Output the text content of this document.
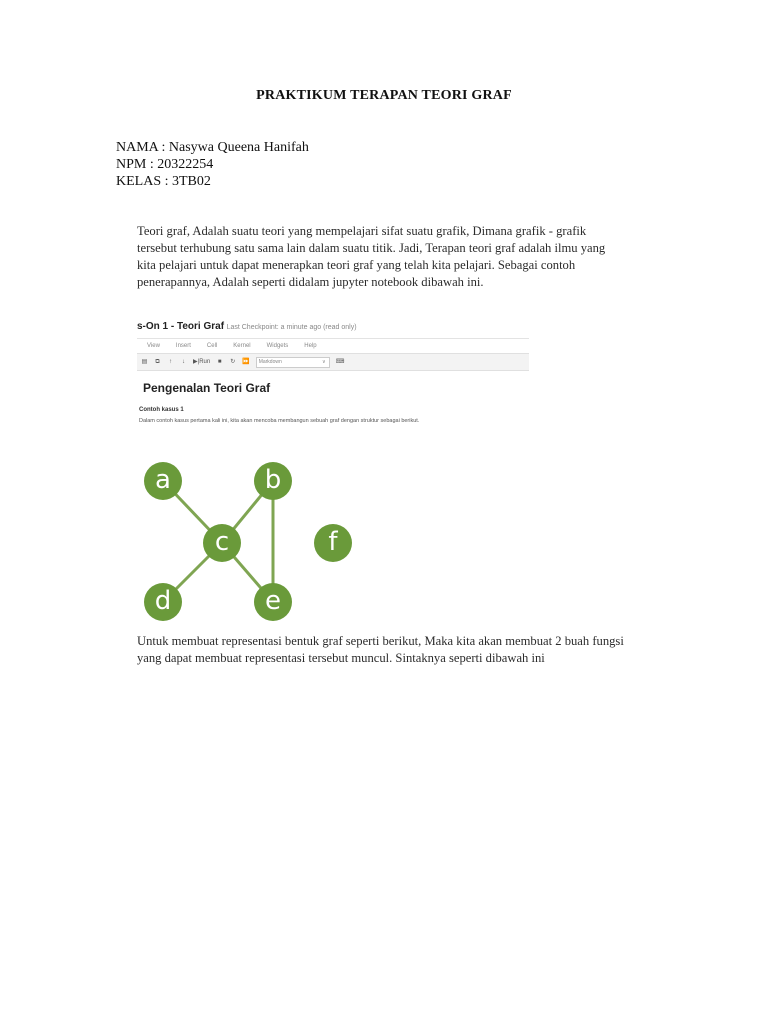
PRAKTIKUM TERAPAN TEORI GRAF
NAMA : Nasywa Queena Hanifah
NPM : 20322254
KELAS : 3TB02
Teori graf, Adalah suatu teori yang mempelajari sifat suatu grafik, Dimana grafik - grafik tersebut terhubung satu sama lain dalam suatu titik. Jadi, Terapan teori graf adalah ilmu yang kita pelajari untuk dapat menerapkan teori graf yang telah kita pelajari. Sebagai contoh penerapannya, Adalah seperti didalam jupyter notebook dibawah ini.
s-On 1 - Teori Graf Last Checkpoint: a minute ago (read only)
View	Insert	Cell	Kernel	Widgets	Help
▤ ⧉	↑	↓	▶|Run ■ ↻ ⏩	Markdown ∨	⌨
Pengenalan Teori Graf
Contoh kasus 1
Dalam contoh kasus pertama kali ini, kita akan mencoba membangun sebuah graf dengan struktur sebagai berikut.
a	b
c
d	e
f
Untuk membuat representasi bentuk graf seperti berikut, Maka kita akan membuat 2 buah fungsi yang dapat membuat representasi tersebut muncul. Sintaknya seperti dibawah ini
